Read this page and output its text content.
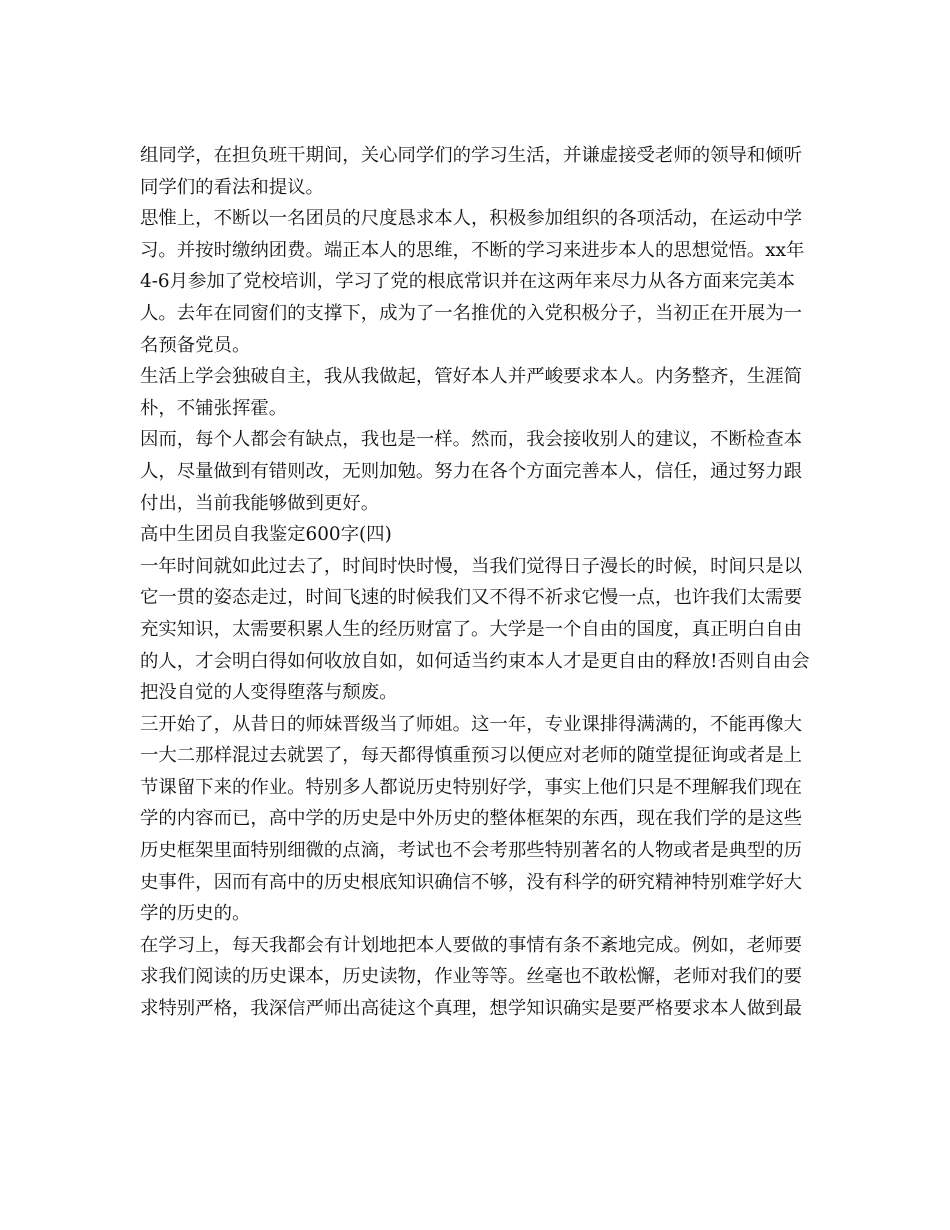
组同学，在担负班干期间，关心同学们的学习生活，并谦虚接受老师的领导和倾听同学们的看法和提议。

思惟上，不断以一名团员的尺度恳求本人，积极参加组织的各项活动，在运动中学习。并按时缴纳团费。端正本人的思维，不断的学习来进步本人的思想觉悟。xx年4-6月参加了党校培训，学习了党的根底常识并在这两年来尽力从各方面来完美本人。去年在同窗们的支撑下，成为了一名推优的入党积极分子，当初正在开展为一名预备党员。

生活上学会独破自主，我从我做起，管好本人并严峻要求本人。内务整齐，生涯简朴，不铺张挥霍。

因而，每个人都会有缺点，我也是一样。然而，我会接收别人的建议，不断检查本人，尽量做到有错则改，无则加勉。努力在各个方面完善本人，信任，通过努力跟付出，当前我能够做到更好。

高中生团员自我鉴定600字(四)

一年时间就如此过去了，时间时快时慢，当我们觉得日子漫长的时候，时间只是以它一贯的姿态走过，时间飞速的时候我们又不得不祈求它慢一点，也许我们太需要充实知识，太需要积累人生的经历财富了。大学是一个自由的国度，真正明白自由的人，才会明白得如何收放自如，如何适当约束本人才是更自由的释放!否则自由会把没自觉的人变得堕落与颓废。

三开始了，从昔日的师妹晋级当了师姐。这一年，专业课排得满满的，不能再像大一大二那样混过去就罢了，每天都得慎重预习以便应对老师的随堂提征询或者是上节课留下来的作业。特别多人都说历史特别好学，事实上他们只是不理解我们现在学的内容而已，高中学的历史是中外历史的整体框架的东西，现在我们学的是这些历史框架里面特别细微的点滴，考试也不会考那些特别著名的人物或者是典型的历史事件，因而有高中的历史根底知识确信不够，没有科学的研究精神特别难学好大学的历史的。

在学习上，每天我都会有计划地把本人要做的事情有条不紊地完成。例如，老师要求我们阅读的历史课本，历史读物，作业等等。丝毫也不敢松懈，老师对我们的要求特别严格，我深信严师出高徒这个真理，想学知识确实是要严格要求本人做到最
